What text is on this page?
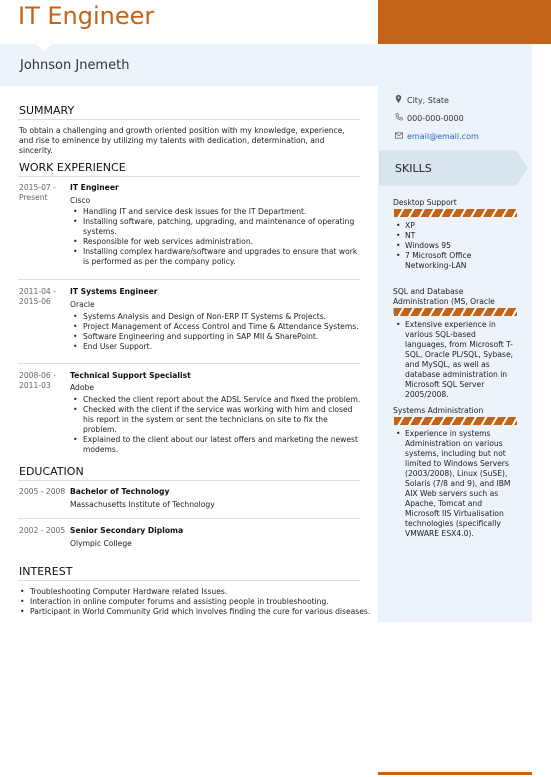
IT Engineer
Johnson Jnemeth
City, State
000-000-0000
email@email.com
SKILLS
Desktop Support
• XP
• NT
• Windows 95
• 7 Microsoft Office Networking-LAN
SQL and Database Administration (MS, Oracle
• Extensive experience in various SQL-based languages, from Microsoft T-SQL, Oracle PL/SQL, Sybase, and MySQL, as well as database administration in Microsoft SQL Server 2005/2008.
Systems Administration
• Experience in systems Administration on various systems, including but not limited to Windows Servers (2003/2008), Linux (SuSE), Solaris (7/8 and 9), and IBM AIX Web servers such as Apache, Tomcat and Microsoft IIS Virtualisation technologies (specifically VMWARE ESX4.0).
SUMMARY
To obtain a challenging and growth oriented position with my knowledge, experience, and rise to eminence by utilizing my talents with dedication, determination, and sincerity.
WORK EXPERIENCE
2015-07 - Present
IT Engineer
Cisco
• Handling IT and service desk issues for the IT Department.
• Installing software, patching, upgrading, and maintenance of operating systems.
• Responsible for web services administration.
• Installing complex hardware/software and upgrades to ensure that work is performed as per the company policy.
2011-04 - 2015-06
IT Systems Engineer
Oracle
• Systems Analysis and Design of Non-ERP IT Systems & Projects.
• Project Management of Access Control and Time & Attendance Systems.
• Software Engineering and supporting in SAP MII & SharePoint.
• End User Support.
2008-06 - 2011-03
Technical Support Specialist
Adobe
• Checked the client report about the ADSL Service and fixed the problem.
• Checked with the client if the service was working with him and closed his report in the system or sent the technicians on site to fix the problem.
• Explained to the client about our latest offers and marketing the newest modems.
EDUCATION
2005 - 2008 Bachelor of Technology
Massachusetts Institute of Technology
2002 - 2005 Senior Secondary Diploma
Olympic College
INTEREST
• Troubleshooting Computer Hardware related Issues.
• Interaction in online computer forums and assisting people in troubleshooting.
• Participant in World Community Grid which involves finding the cure for various diseases.
